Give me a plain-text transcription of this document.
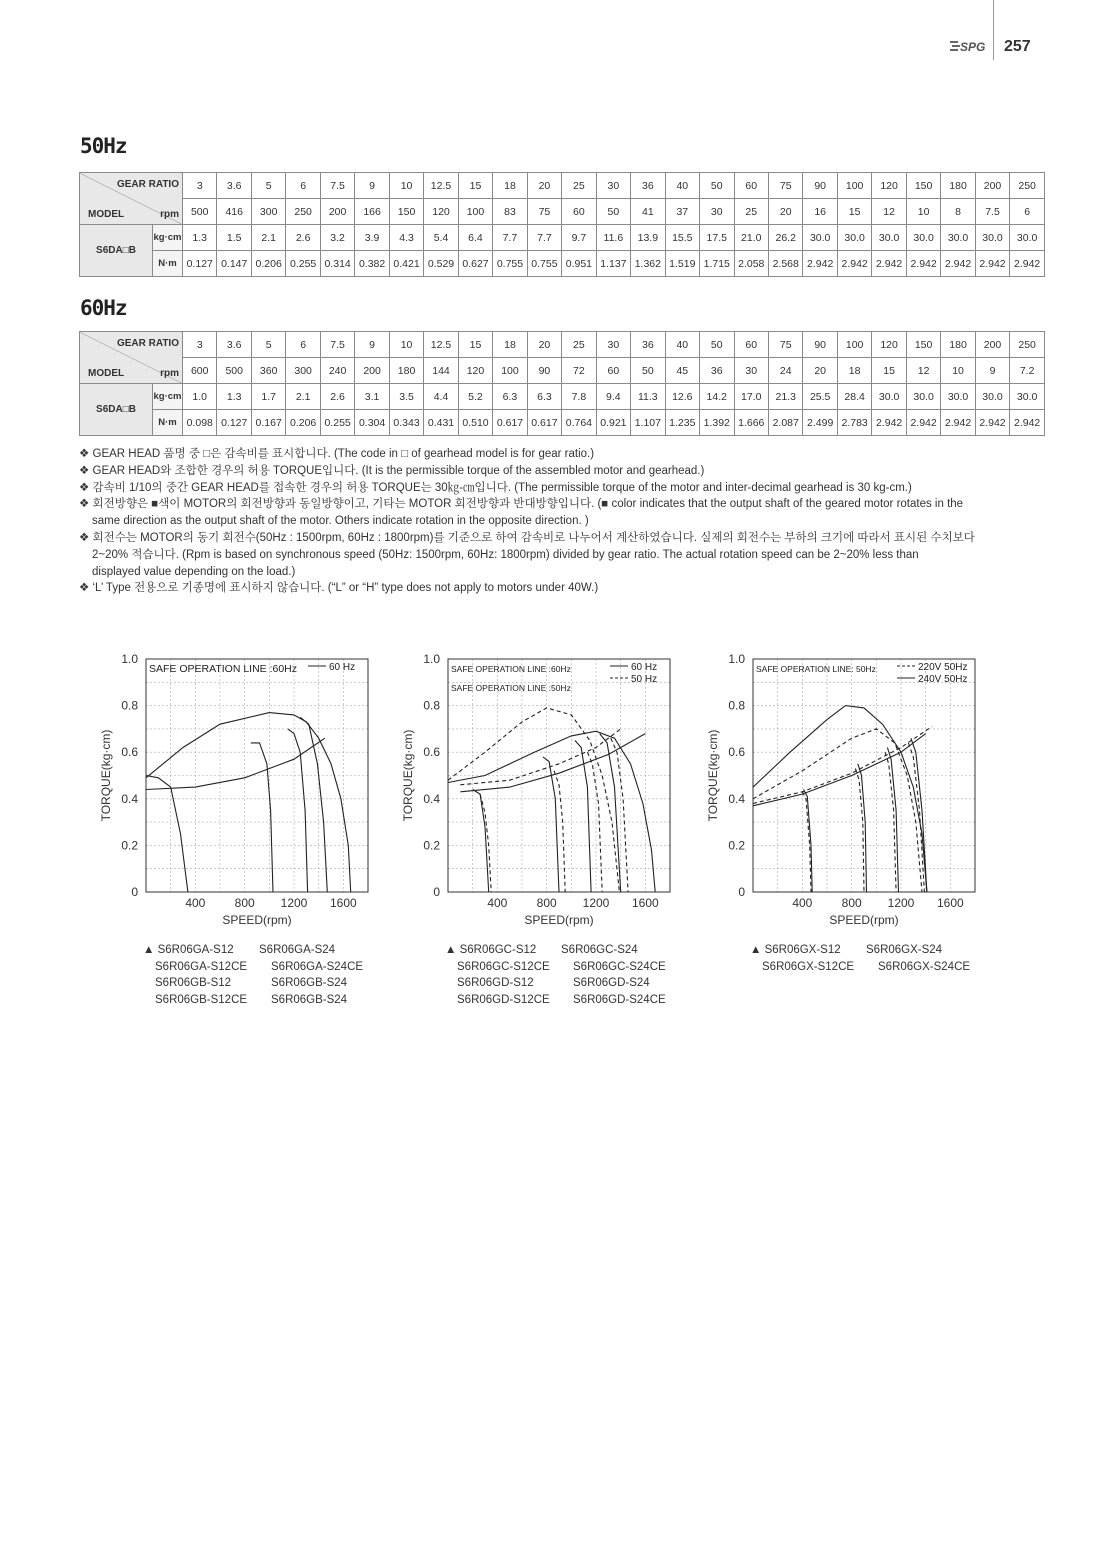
SPG 257
50Hz
GEAR RATIO
MODEL rpm		3	3.6	5	6	7.5	9	10	12.5	15	18	20	25	30	36	40	50	60	75	90	100	120	150	180	200	250
		500	416	300	250	200	166	150	120	100	83	75	60	50	41	37	30	25	20	16	15	12	10	8	7.5	6
S6DA□B	kg·cm	1.3	1.5	2.1	2.6	3.2	3.9	4.3	5.4	6.4	7.7	7.7	9.7	11.6	13.9	15.5	17.5	21.0	26.2	30.0	30.0	30.0	30.0	30.0	30.0	30.0
	N·m	0.127	0.147	0.206	0.255	0.314	0.382	0.421	0.529	0.627	0.755	0.755	0.951	1.137	1.362	1.519	1.715	2.058	2.568	2.942	2.942	2.942	2.942	2.942	2.942	2.942
60Hz
GEAR RATIO
MODEL rpm		3	3.6	5	6	7.5	9	10	12.5	15	18	20	25	30	36	40	50	60	75	90	100	120	150	180	200	250
		600	500	360	300	240	200	180	144	120	100	90	72	60	50	45	36	30	24	20	18	15	12	10	9	7.2
S6DA□B	kg·cm	1.0	1.3	1.7	2.1	2.6	3.1	3.5	4.4	5.2	6.3	6.3	7.8	9.4	11.3	12.6	14.2	17.0	21.3	25.5	28.4	30.0	30.0	30.0	30.0	30.0
	N·m	0.098	0.127	0.167	0.206	0.255	0.304	0.343	0.431	0.510	0.617	0.617	0.764	0.921	1.107	1.235	1.392	1.666	2.087	2.499	2.783	2.942	2.942	2.942	2.942	2.942

❖ GEAR HEAD 품명 중 □은 감속비를 표시합니다. (The code in □ of gearhead model is for gear ratio.)

❖ GEAR HEAD와 조합한 경우의 허용 TORQUE입니다. (It is the permissible torque of the assembled motor and gearhead.)

❖ 감속비 1/10의 중간 GEAR HEAD를 접속한 경우의 허용 TORQUE는 30㎏-㎝입니다. (The permissible torque of the motor and inter-decimal gearhead is 30 kg-cm.)

❖ 회전방향은 ■색이 MOTOR의 회전방향과 동일방향이고, 기타는 MOTOR 회전방향과 반대방향입니다. (■ color indicates that the output shaft of the geared motor rotates in the

same direction as the output shaft of the motor. Others indicate rotation in the opposite direction. )

❖ 회전수는 MOTOR의 동기 회전수(50Hz : 1500rpm, 60Hz : 1800rpm)를 기준으로 하여 감속비로 나누어서 계산하였습니다. 실제의 회전수는 부하의 크기에 따라서 표시된 수치보다

2~20% 적습니다. (Rpm is based on synchronous speed (50Hz: 1500rpm, 60Hz: 1800rpm) divided by gear ratio. The actual rotation speed can be 2~20% less than

displayed value depending on the load.)

❖ ‘L’ Type 전용으로 기종명에 표시하지 않습니다. (“L” or “H” type does not apply to motors under 40W.)

0
0.2
0.4
0.6
0.8
1.0
400 800 1200 1600
SPEED(rpm)
TORQUE(kg·cm)
SAFE OPERATION LINE :60Hz	60 Hz
0
0.2
0.4
0.6
0.8
1.0
400 800 1200 1600
SPEED(rpm)
TORQUE(kg·cm)
SAFE OPERATION LINE :60Hz
SAFE OPERATION LINE :50Hz
60 Hz
50 Hz
0
0.2
0.4
0.6
0.8
1.0
400 800 1200 1600
SPEED(rpm)
TORQUE(kg·cm)
SAFE OPERATION LINE: 50Hz	220V 50Hz
240V 50Hz
▲ S6R06GA-S12	S6R06GA-S24
S6R06GA-S12CE	S6R06GA-S24CE
S6R06GB-S12	S6R06GB-S24
S6R06GB-S12CE	S6R06GB-S24
▲ S6R06GC-S12	S6R06GC-S24
S6R06GC-S12CE	S6R06GC-S24CE
S6R06GD-S12	S6R06GD-S24
S6R06GD-S12CE	S6R06GD-S24CE
▲ S6R06GX-S12	S6R06GX-S24
S6R06GX-S12CE	S6R06GX-S24CE
